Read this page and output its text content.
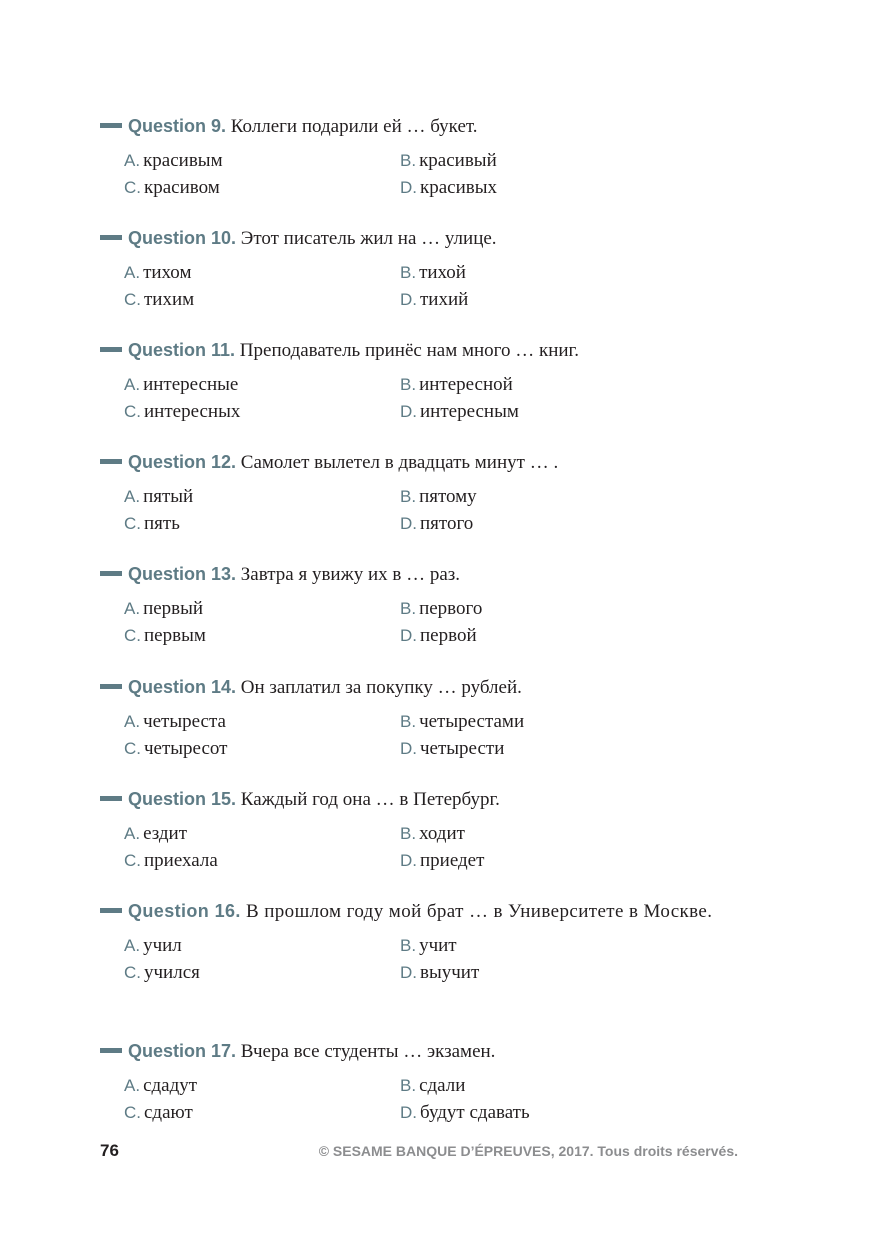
Question 9. Коллеги подарили ей … букет.

A. красивым	B. красивый
C. красивом	D. красивых

Question 10. Этот писатель жил на … улице.

A. тихом	B. тихой
C. тихим	D. тихий

Question 11. Преподаватель принёс нам много … книг.

A. интересные	B. интересной
C. интересных	D. интересным

Question 12. Самолет вылетел в двадцать минут … .

A. пятый	B. пятому
C. пять	D. пятого

Question 13. Завтра я увижу их в … раз.

A. первый	B. первого
C. первым	D. первой

Question 14. Он заплатил за покупку … рублей.

A. четыреста	B. четырестами
C. четыресот	D. четырести

Question 15. Каждый год она … в Петербург.

A. ездит	B. ходит
C. приехала	D. приедет

Question 16. В прошлом году мой брат … в Университете в Москве.

A. учил	B. учит
C. учился	D. выучит

Question 17. Вчера все студенты … экзамен.

A. сдадут	B. сдали
C. сдают	D. будут сдавать
76	© SESAME BANQUE D’ÉPREUVES, 2017. Tous droits réservés.
